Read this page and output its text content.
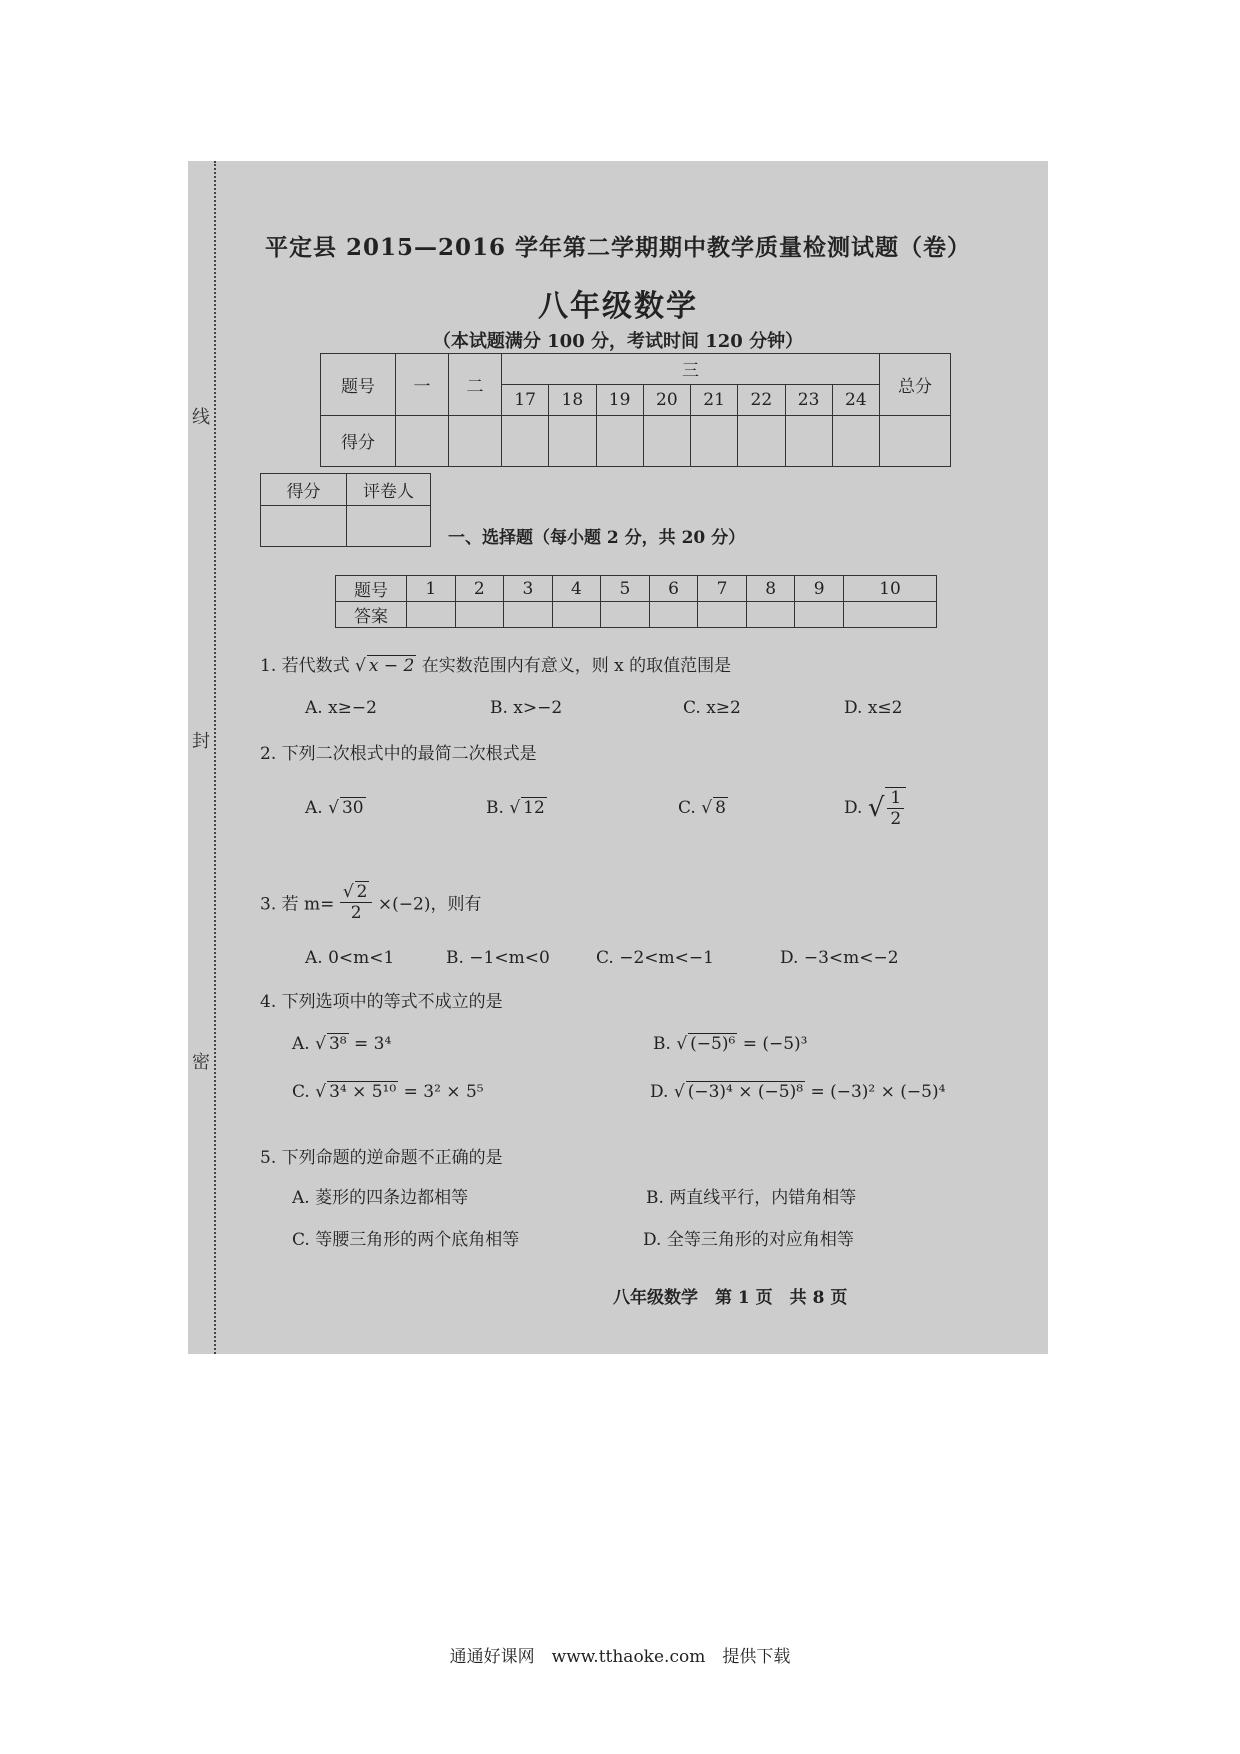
线
封
密
平定县 2015—2016 学年第二学期期中教学质量检测试题（卷）
八年级数学
（本试题满分 100 分，考试时间 120 分钟）
题号	一	二	三								总分
			17	18	19	20	21	22	23	24	
得分											
得分	评卷人

一、选择题（每小题 2 分，共 20 分）
题号	1	2	3	4	5	6	7	8	9	10
答案										
1. 若代数式 √ x − 2 在实数范围内有意义，则 x 的取值范围是
A. x≥−2	B. x>−2	C. x≥2	D. x≤2
2. 下列二次根式中的最简二次根式是
A. √ 30	B. √ 12	C. √ 8	D. √ $\frac{1}{2}$
3. 若 $m= \frac{√ 2}{2} \times(-2)$，则有
A. 0<m<1	B. −1<m<0	C. −2<m<−1	D. −3<m<−2
4. 下列选项中的等式不成立的是
A. √ 3⁸ = 3⁴	B. √ (−5)⁶ = (−5)³
C. √ 3⁴ × 5¹⁰ = 3² × 5⁵	D. √ (−3)⁴ × (−5)⁸ = (−3)² × (−5)⁴
5. 下列命题的逆命题不正确的是
A. 菱形的四条边都相等	B. 两直线平行，内错角相等
C. 等腰三角形的两个底角相等	D. 全等三角形的对应角相等
八年级数学　第 1 页　共 8 页
通通好课网　www.tthaoke.com　提供下载
